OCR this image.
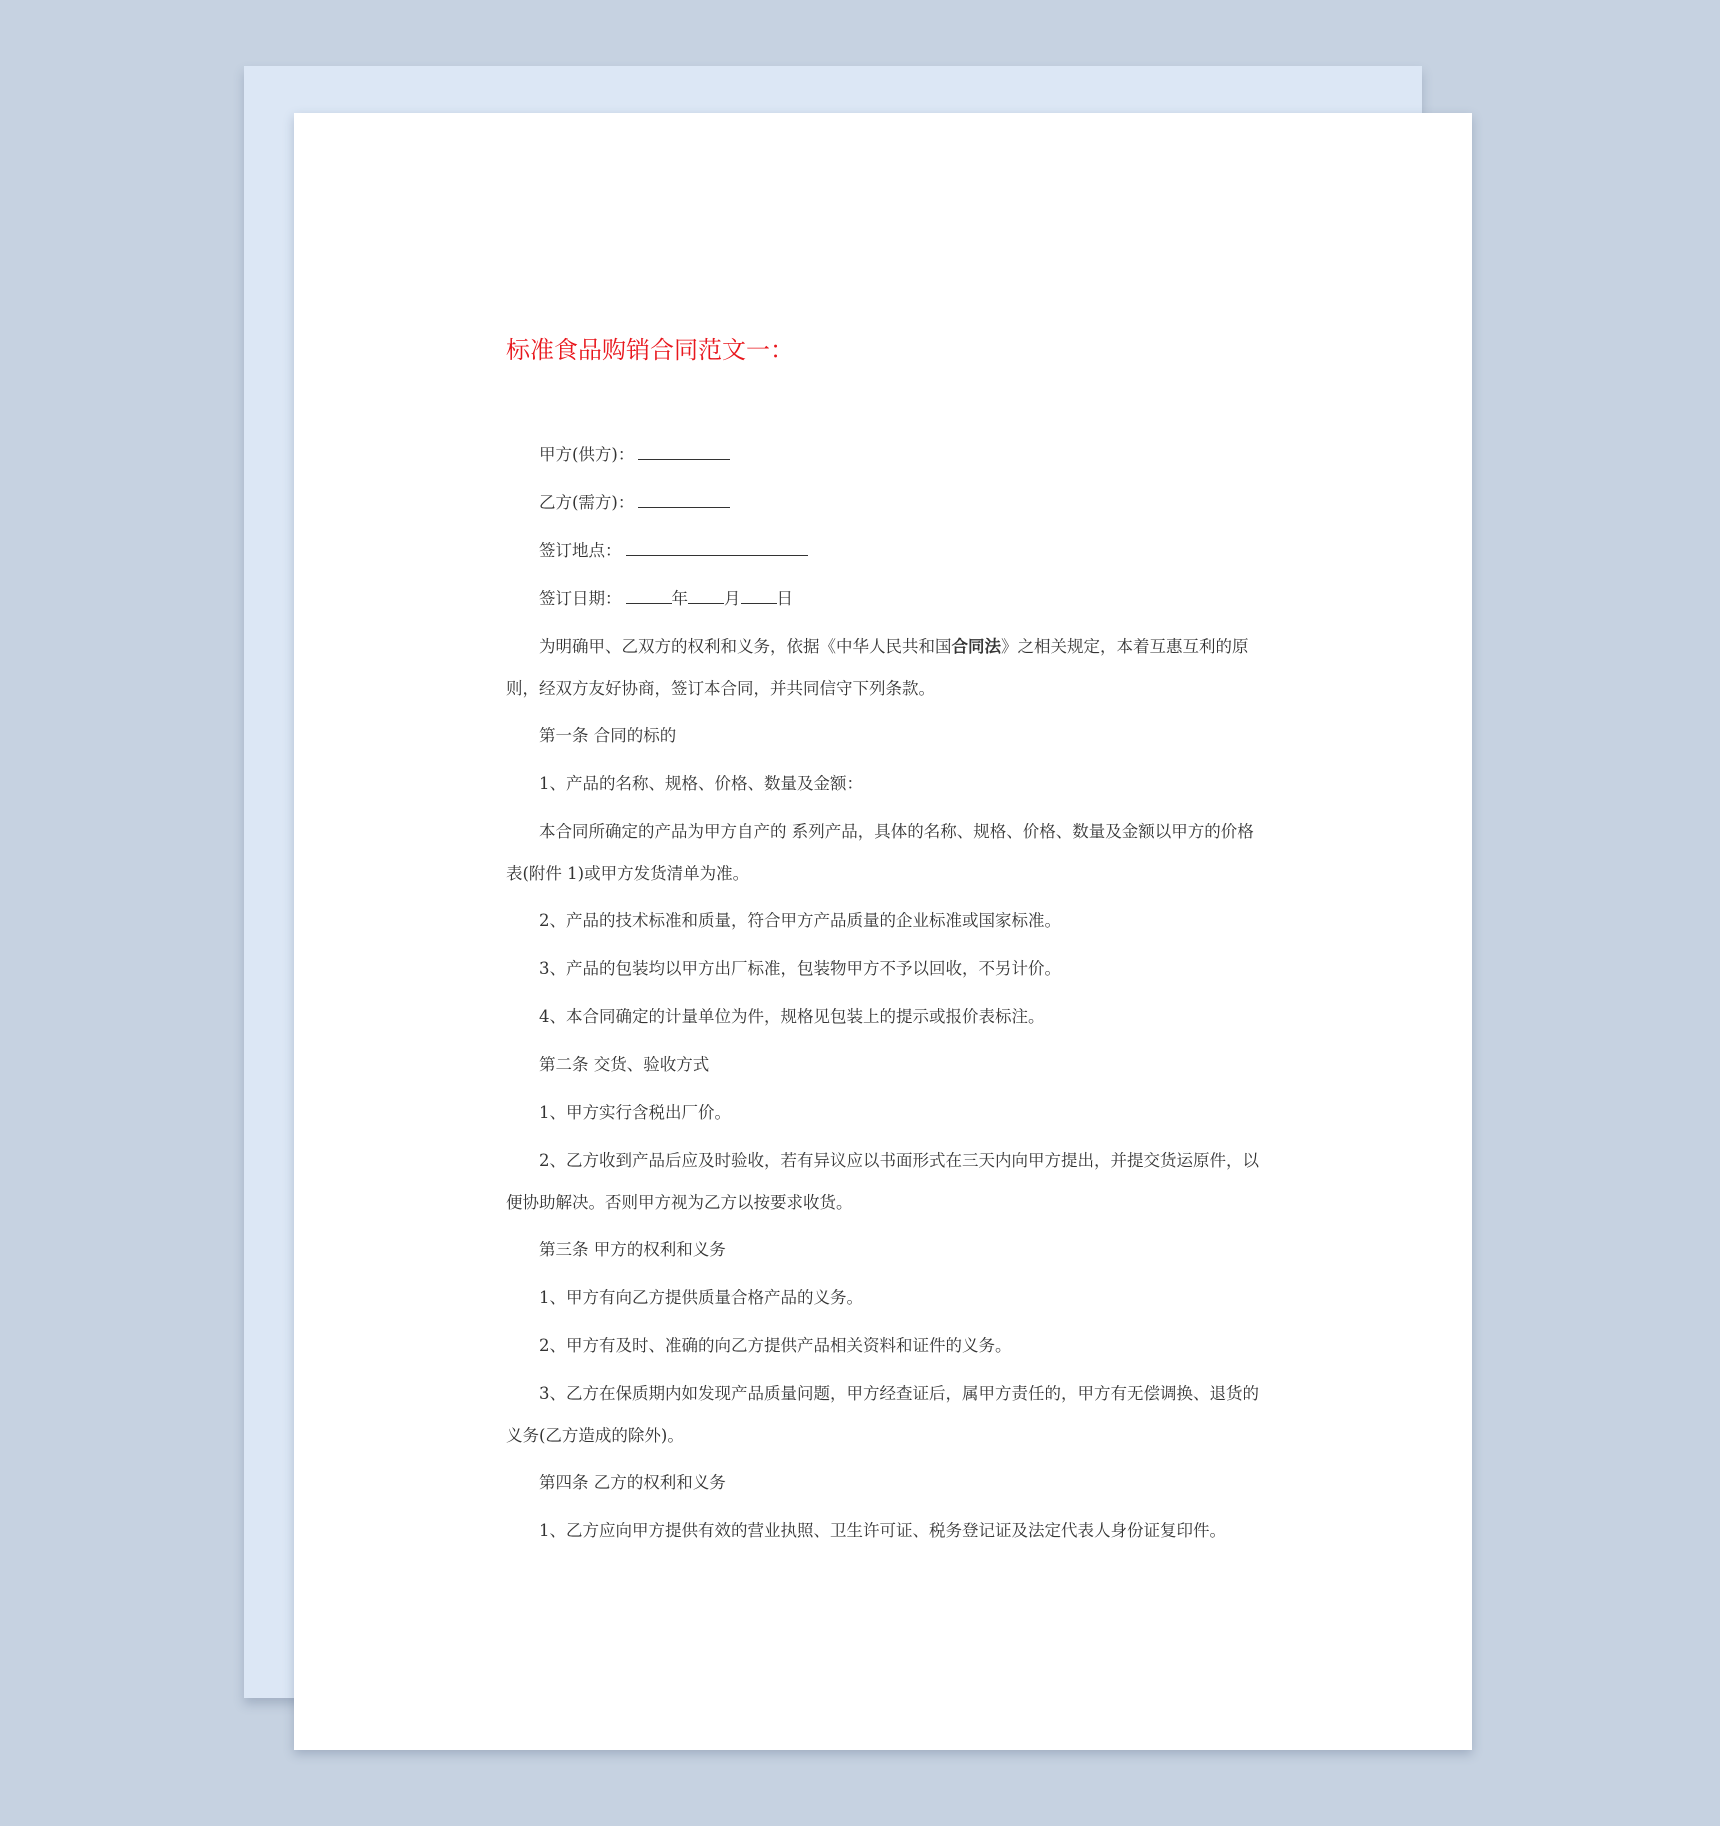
标准食品购销合同范文一：
甲方(供方)：
乙方(需方)：
签订地点：
签订日期：	年 月 日

为明确甲、乙双方的权利和义务，依据《中华人民共和国合同法》之相关规定，本着互惠互利的原则，经双方友好协商，签订本合同，并共同信守下列条款。

第一条 合同的标的

1、产品的名称、规格、价格、数量及金额：

本合同所确定的产品为甲方自产的 系列产品，具体的名称、规格、价格、数量及金额以甲方的价格表(附件 1)或甲方发货清单为准。

2、产品的技术标准和质量，符合甲方产品质量的企业标准或国家标准。

3、产品的包装均以甲方出厂标准，包装物甲方不予以回收，不另计价。

4、本合同确定的计量单位为件，规格见包装上的提示或报价表标注。

第二条 交货、验收方式

1、甲方实行含税出厂价。

2、乙方收到产品后应及时验收，若有异议应以书面形式在三天内向甲方提出，并提交货运原件，以便协助解决。否则甲方视为乙方以按要求收货。

第三条 甲方的权利和义务

1、甲方有向乙方提供质量合格产品的义务。

2、甲方有及时、准确的向乙方提供产品相关资料和证件的义务。

3、乙方在保质期内如发现产品质量问题，甲方经查证后，属甲方责任的，甲方有无偿调换、退货的义务(乙方造成的除外)。

第四条 乙方的权利和义务

1、乙方应向甲方提供有效的营业执照、卫生许可证、税务登记证及法定代表人身份证复印件。
